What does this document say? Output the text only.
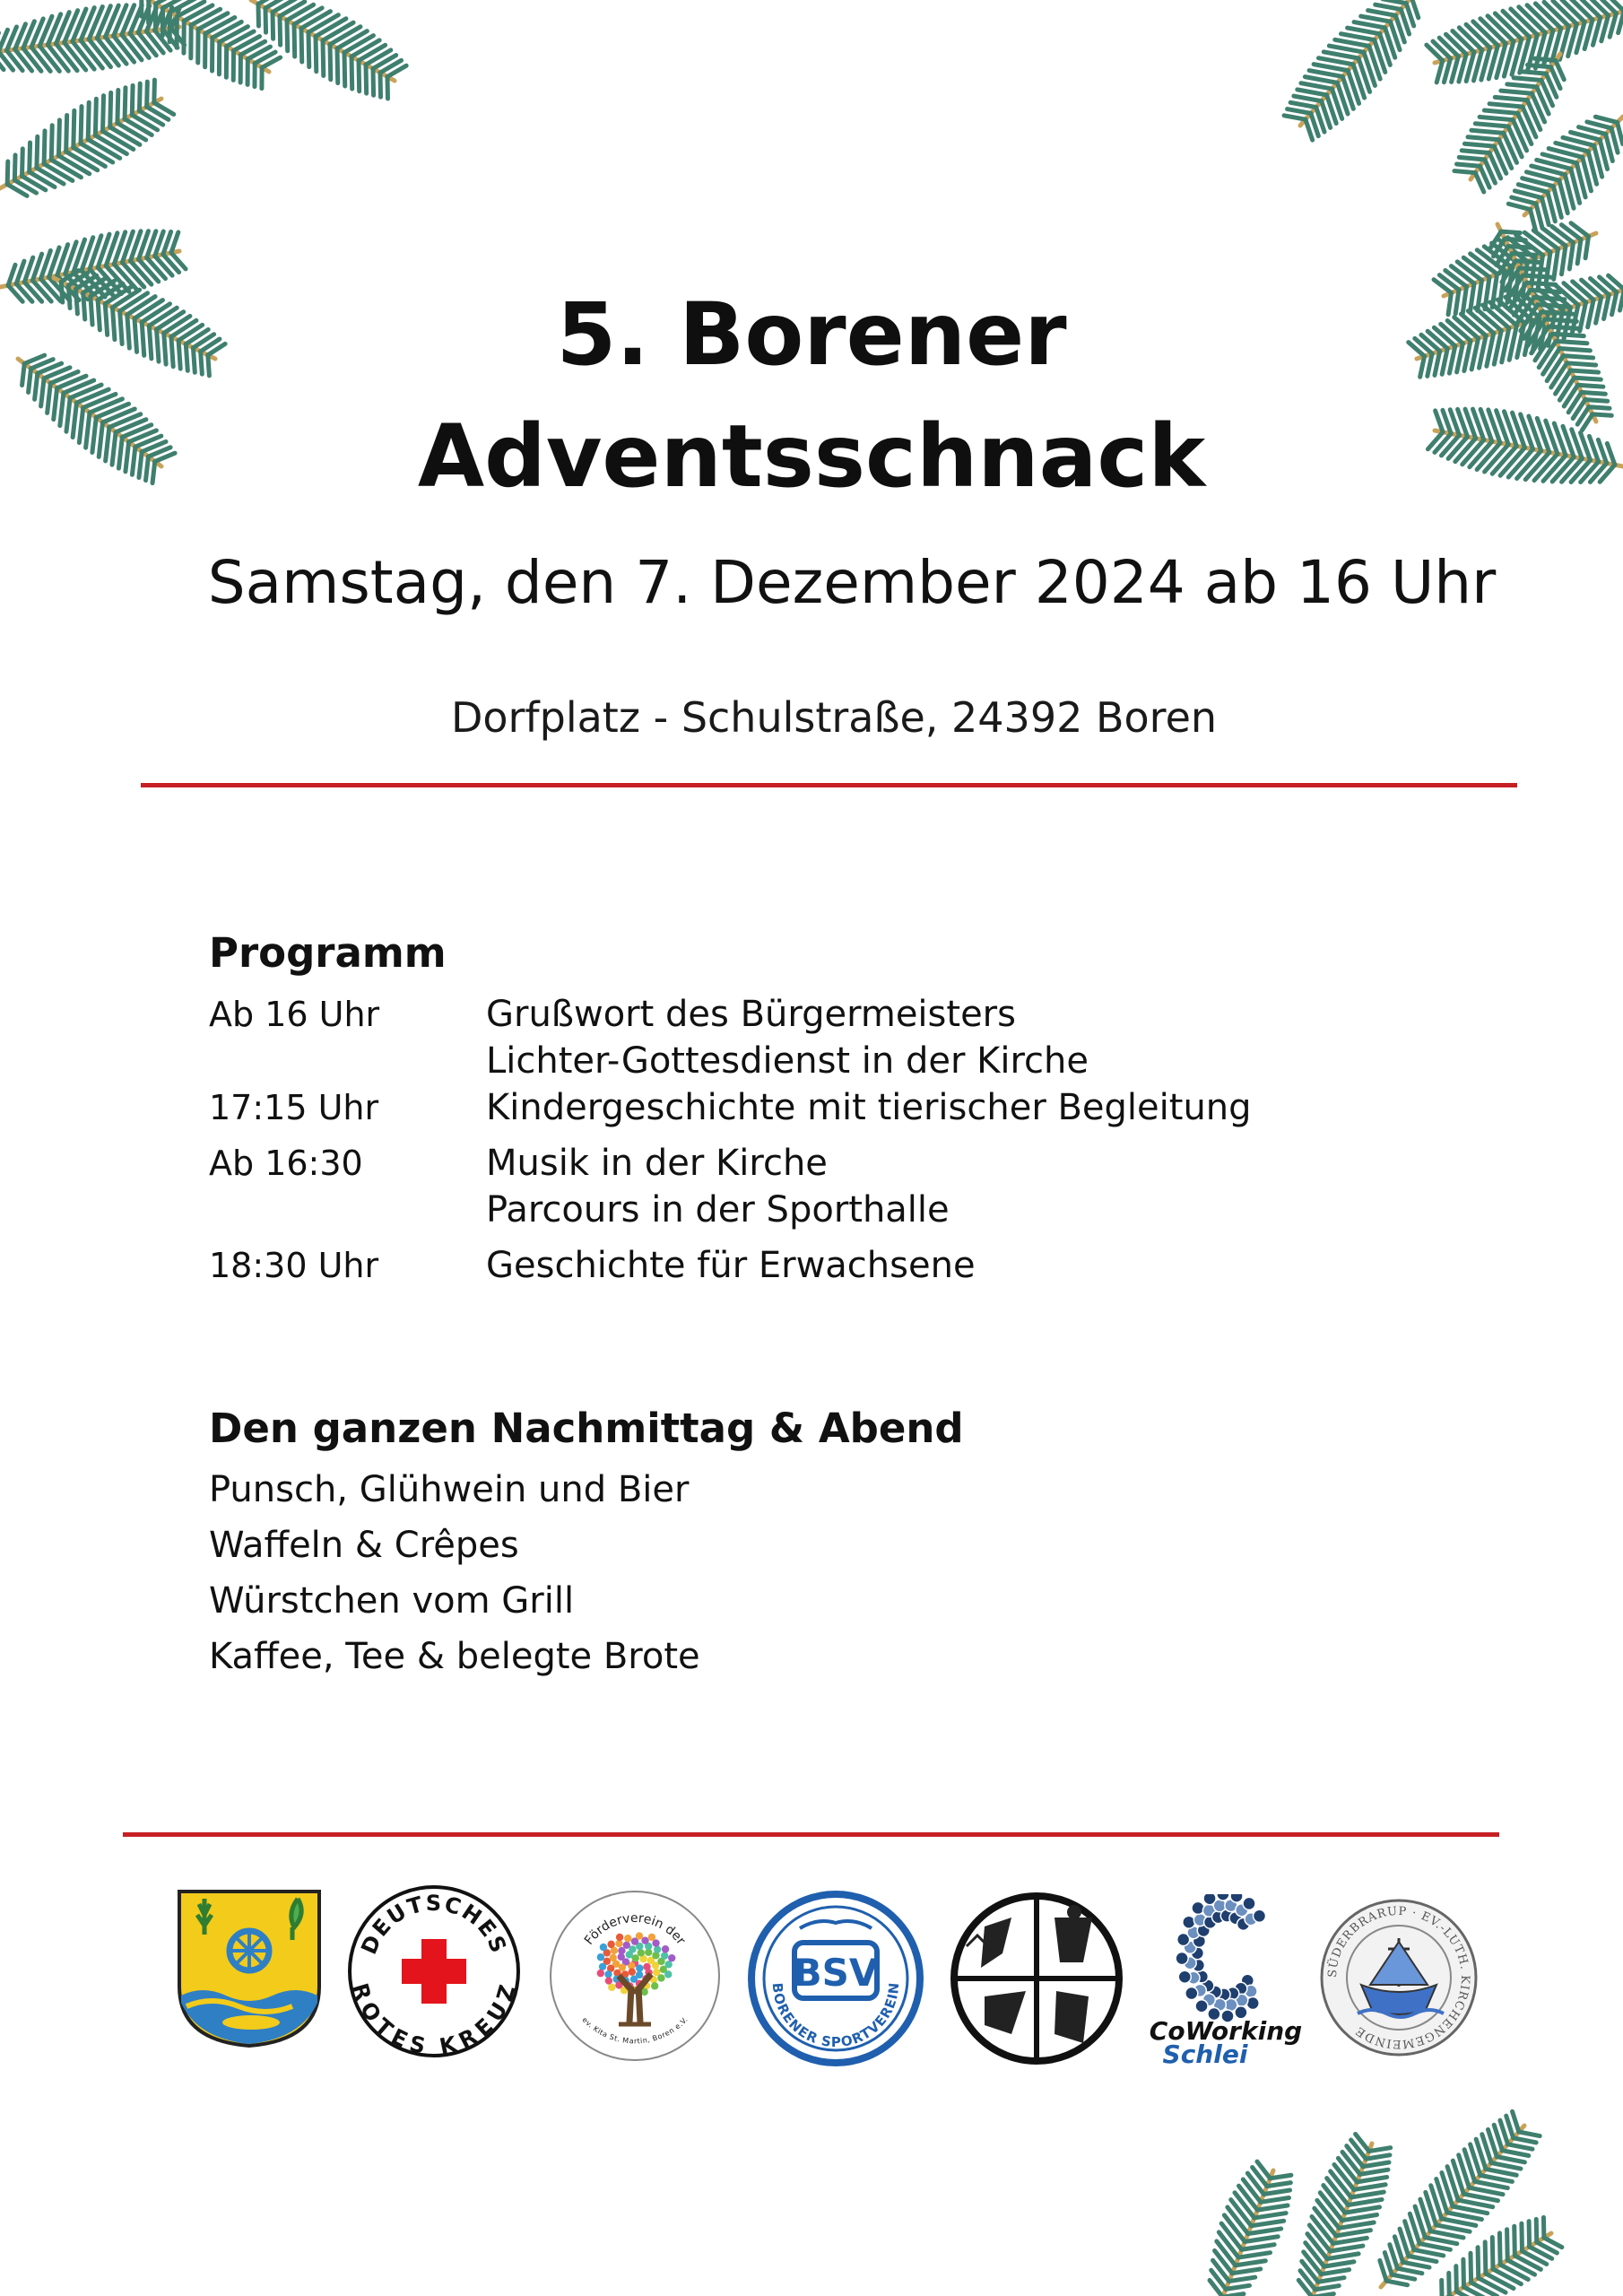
5. Borener
Adventsschnack
Samstag, den 7. Dezember 2024 ab 16 Uhr
Dorfplatz - Schulstraße, 24392 Boren
Programm
Ab 16 Uhr	Grußwort des Bürgermeisters
Lichter-Gottesdienst in der Kirche
17:15 Uhr	Kindergeschichte mit tierischer Begleitung
Ab 16:30	Musik in der Kirche
Parcours in der Sporthalle
18:30 Uhr	Geschichte für Erwachsene
Den ganzen Nachmittag & Abend
Punsch, Glühwein und Bier
Waffeln & Crêpes
Würstchen vom Grill
Kaffee, Tee & belegte Brote
DEUTSCHES
ROTES KREUZ
Förderverein der
ev. Kita St. Martin, Boren e.V.
BSV
BORENER SPORTVEREIN
CoWorking
Schlei
SÜDERBRARUP · EV.-LUTH. KIRCHENGEMEINDE
